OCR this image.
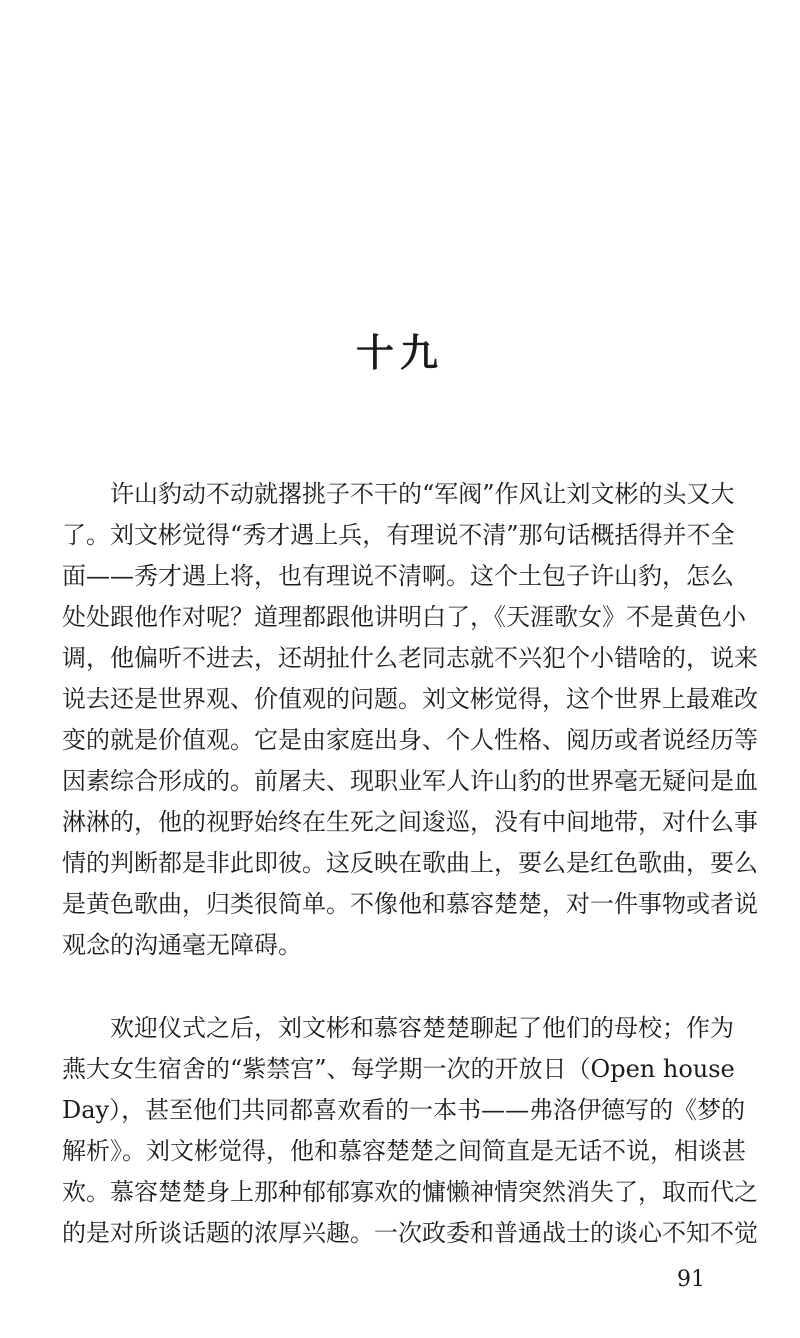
十九
许山豹动不动就撂挑子不干的“军阀”作风让刘文彬的头又大
了。刘文彬觉得“秀才遇上兵，有理说不清”那句话概括得并不全
面——秀才遇上将，也有理说不清啊。这个土包子许山豹，怎么
处处跟他作对呢？道理都跟他讲明白了，《天涯歌女》不是黄色小
调，他偏听不进去，还胡扯什么老同志就不兴犯个小错啥的，说来
说去还是世界观、价值观的问题。刘文彬觉得，这个世界上最难改
变的就是价值观。它是由家庭出身、个人性格、阅历或者说经历等
因素综合形成的。前屠夫、现职业军人许山豹的世界毫无疑问是血
淋淋的，他的视野始终在生死之间逡巡，没有中间地带，对什么事
情的判断都是非此即彼。这反映在歌曲上，要么是红色歌曲，要么
是黄色歌曲，归类很简单。不像他和慕容楚楚，对一件事物或者说
观念的沟通毫无障碍。
欢迎仪式之后，刘文彬和慕容楚楚聊起了他们的母校；作为
燕大女生宿舍的“紫禁宫”、每学期一次的开放日（Open house
Day），甚至他们共同都喜欢看的一本书——弗洛伊德写的《梦的
解析》。刘文彬觉得，他和慕容楚楚之间简直是无话不说，相谈甚
欢。慕容楚楚身上那种郁郁寡欢的慵懒神情突然消失了，取而代之
的是对所谈话题的浓厚兴趣。一次政委和普通战士的谈心不知不觉
91
